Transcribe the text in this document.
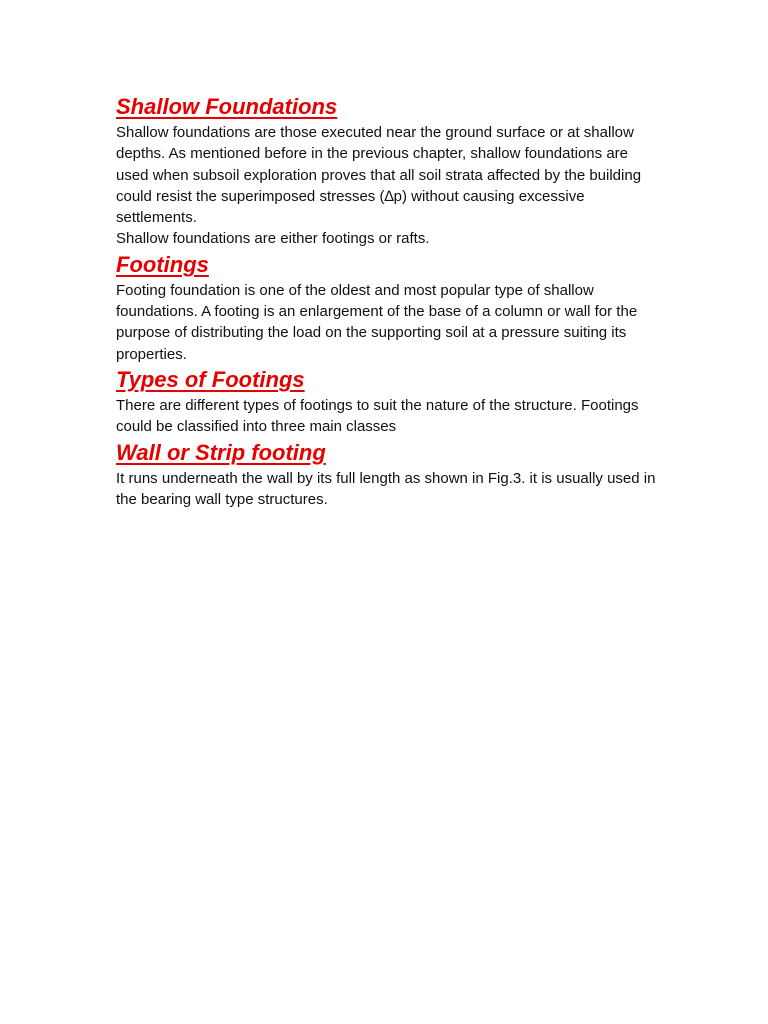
Shallow Foundations

Shallow foundations are those executed near the ground surface or at shallow depths. As mentioned before in the previous chapter, shallow foundations are used when subsoil exploration proves that all soil strata affected by the building could resist the superimposed stresses (∆p) without causing excessive settlements.

Shallow foundations are either footings or rafts.

Footings

Footing foundation is one of the oldest and most popular type of shallow foundations. A footing is an enlargement of the base of a column or wall for the purpose of distributing the load on the supporting soil at a pressure suiting its properties.

Types of Footings

There are different types of footings to suit the nature of the structure. Footings could be classified into three main classes

Wall or Strip footing

It runs underneath the wall by its full length as shown in Fig.3. it is usually used in the bearing wall type structures.
